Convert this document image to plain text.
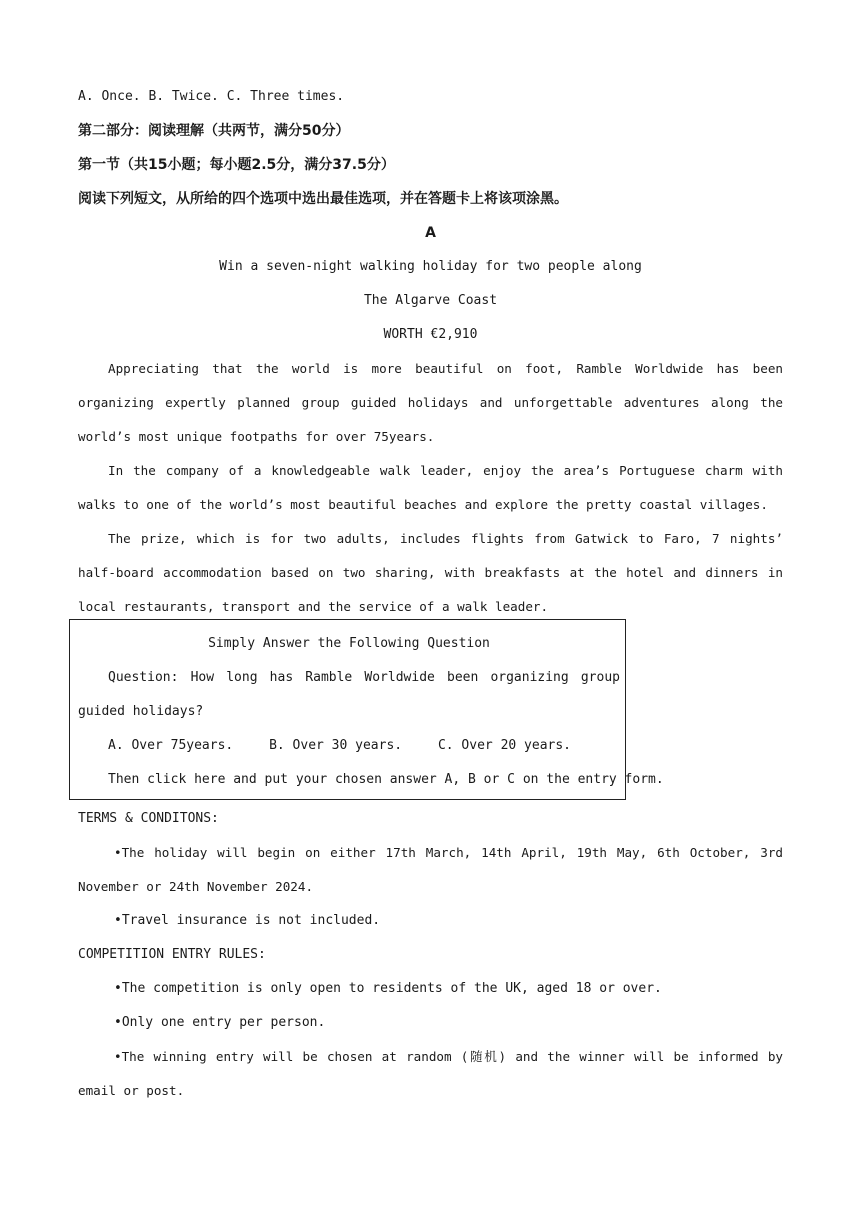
A. Once. B. Twice. C. Three times.
第二部分：阅读理解（共两节，满分50分）
第一节（共15小题；每小题2.5分，满分37.5分）
阅读下列短文，从所给的四个选项中选出最佳选项，并在答题卡上将该项涂黑。
A
Win a seven-night walking holiday for two people along
The Algarve Coast
WORTH €2,910
Appreciating that the world is more beautiful on foot, Ramble Worldwide has been organizing expertly planned group guided holidays and unforgettable adventures along the world’s most unique footpaths for over 75years.
In the company of a knowledgeable walk leader, enjoy the area’s Portuguese charm with walks to one of the world’s most beautiful beaches and explore the pretty coastal villages.
The prize, which is for two adults, includes flights from Gatwick to Faro, 7 nights’ half-board accommodation based on two sharing, with breakfasts at the hotel and dinners in local restaurants, transport and the service of a walk leader.
Simply Answer the Following Question
Question: How long has Ramble Worldwide been organizing group guided holidays?
A. Over 75years.	B. Over 30 years.	C. Over 20 years.
Then click here and put your chosen answer A, B or C on the entry form.
TERMS & CONDITONS:
•The holiday will begin on either 17th March, 14th April, 19th May, 6th October, 3rd November or 24th November 2024.
•Travel insurance is not included.
COMPETITION ENTRY RULES:
•The competition is only open to residents of the UK, aged 18 or over.
•Only one entry per person.
•The winning entry will be chosen at random (随机) and the winner will be informed by email or post.
